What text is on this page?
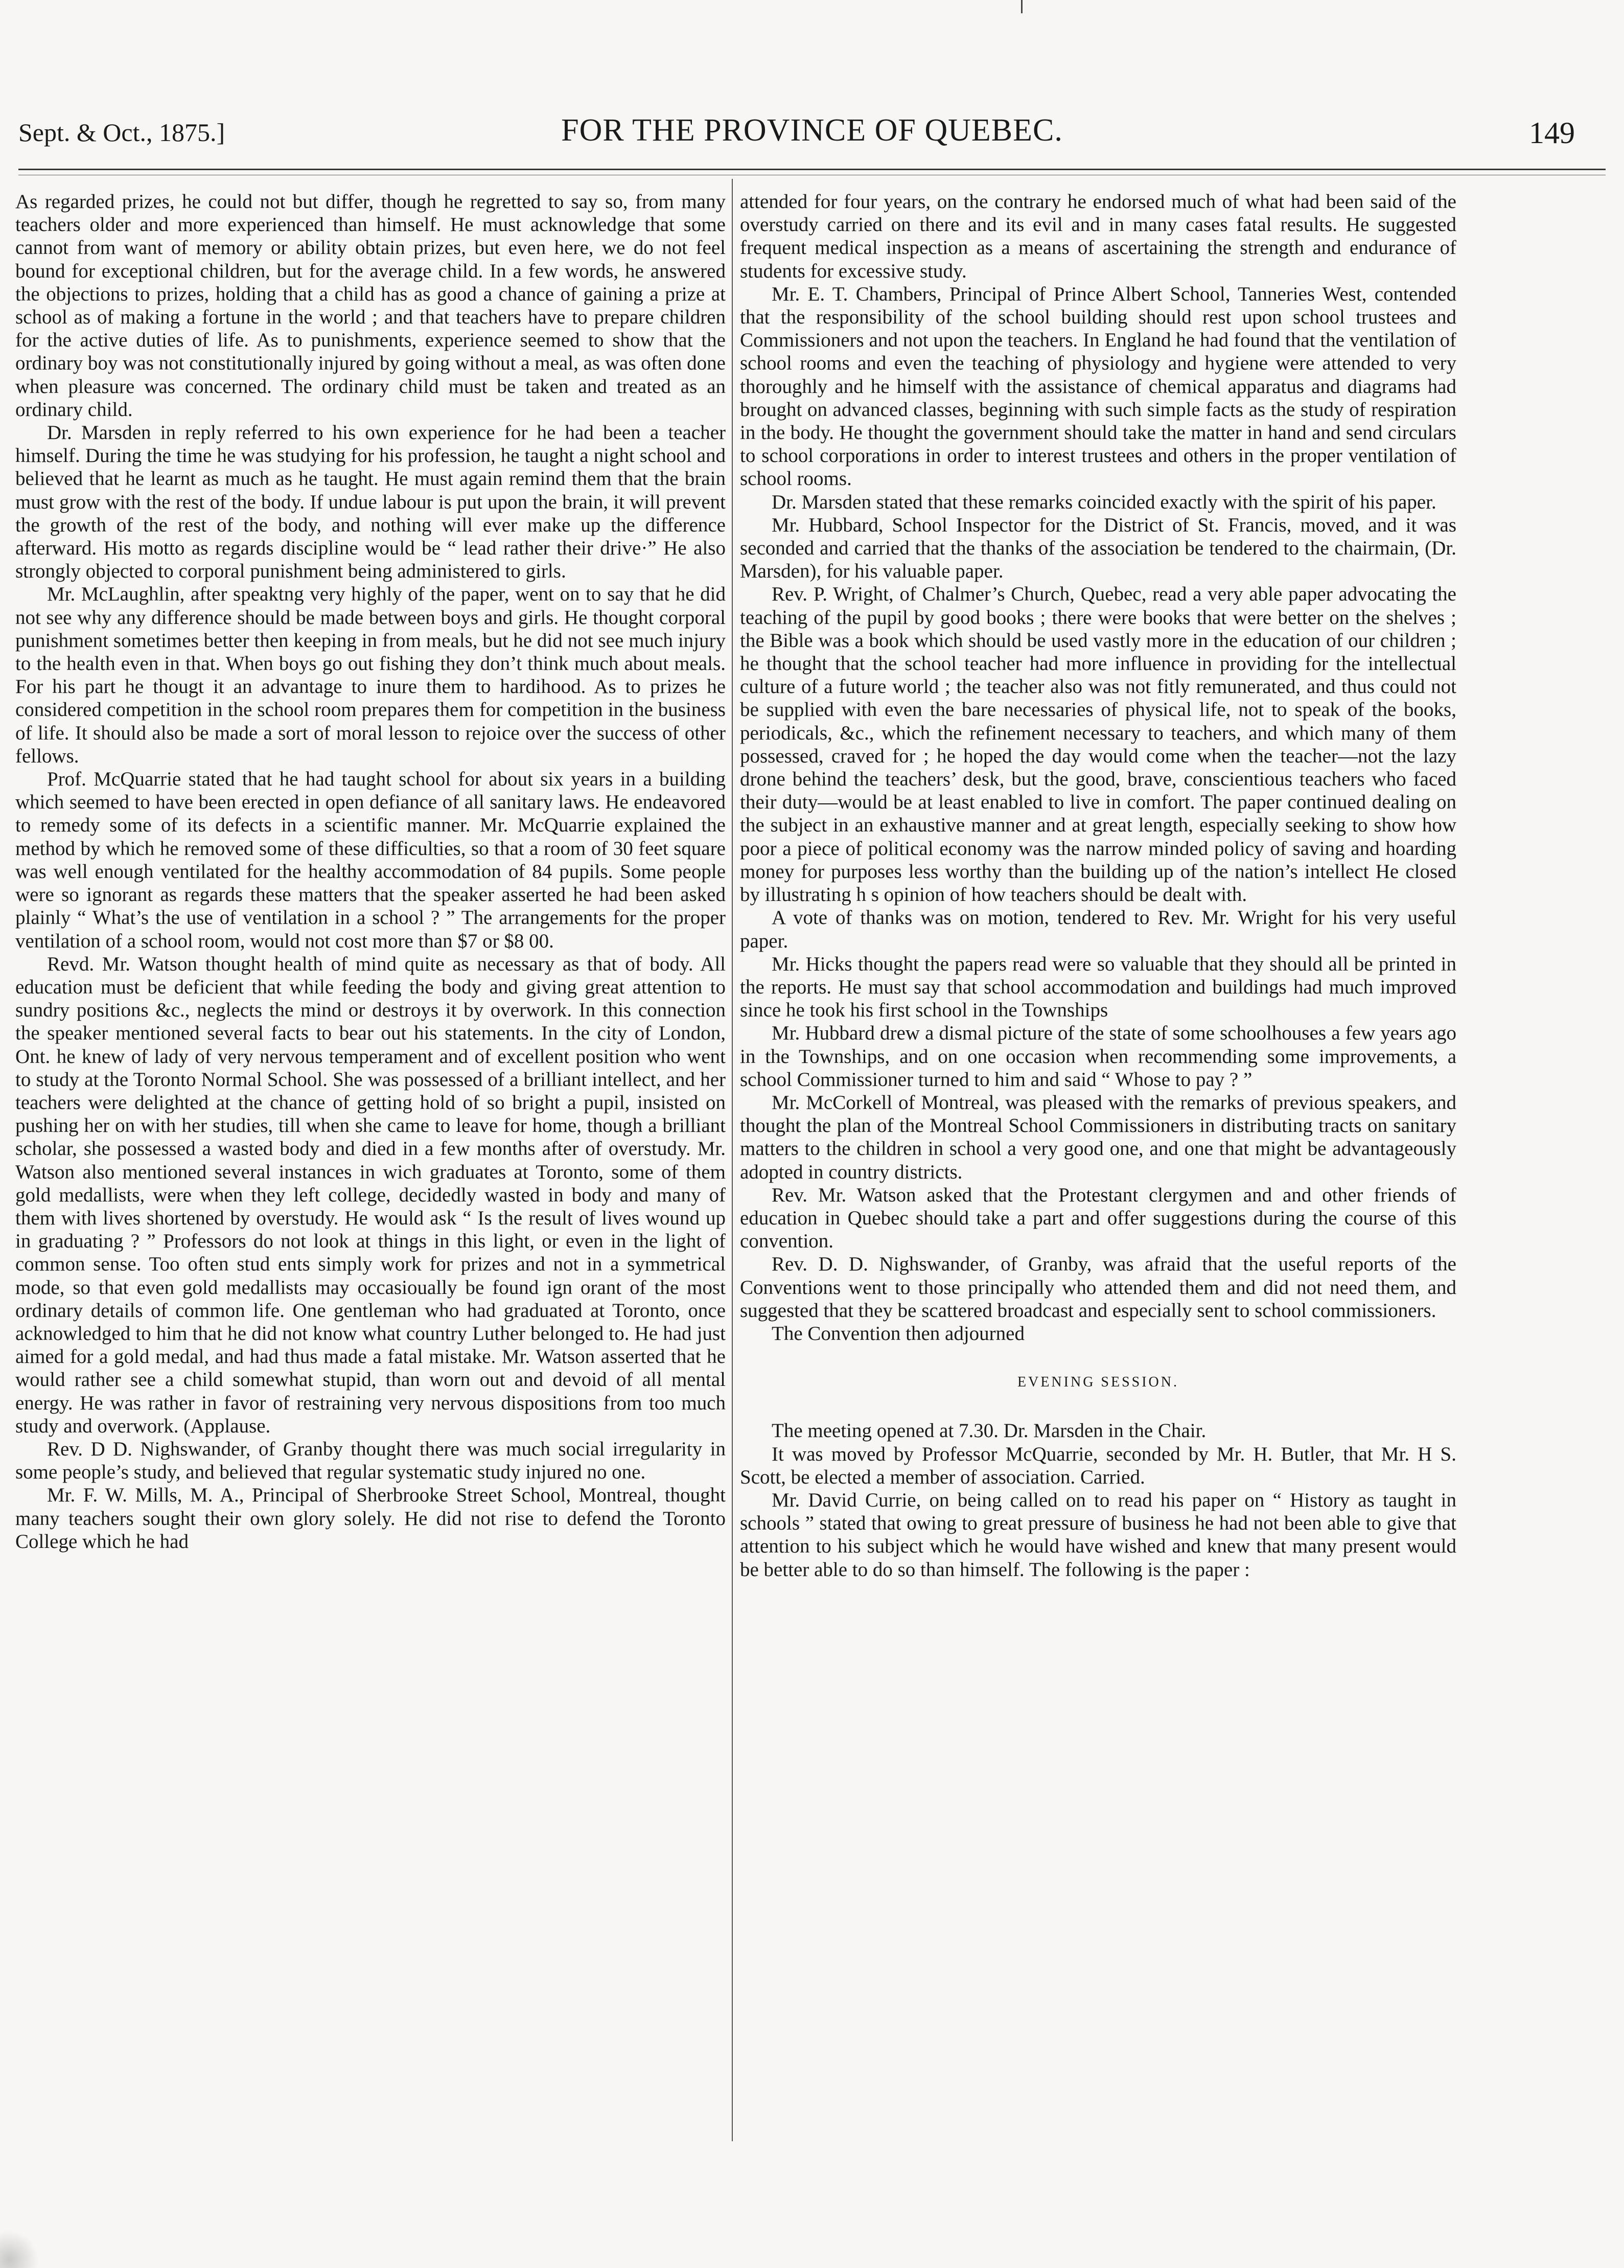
Sept. & Oct., 1875.]	FOR THE PROVINCE OF QUEBEC.	149

As regarded prizes, he could not but differ, though he regretted to say so, from many teachers older and more experienced than himself. He must acknowledge that some cannot from want of memory or ability obtain prizes, but even here, we do not feel bound for exceptional children, but for the average child. In a few words, he answered the objections to prizes, holding that a child has as good a chance of gaining a prize at school as of making a fortune in the world ; and that teachers have to prepare children for the active duties of life. As to punishments, experience seemed to show that the ordinary boy was not constitutionally injured by going without a meal, as was often done when pleasure was concerned. The ordinary child must be taken and treated as an ordinary child.

Dr. Marsden in reply referred to his own experience for he had been a teacher himself. During the time he was studying for his profession, he taught a night school and believed that he learnt as much as he taught. He must again remind them that the brain must grow with the rest of the body. If undue labour is put upon the brain, it will prevent the growth of the rest of the body, and nothing will ever make up the difference afterward. His motto as regards discipline would be “ lead rather their drive·” He also strongly objected to corporal punishment being administered to girls.

Mr. McLaughlin, after speaktng very highly of the paper, went on to say that he did not see why any difference should be made between boys and girls. He thought corporal punishment sometimes better then keeping in from meals, but he did not see much injury to the health even in that. When boys go out fishing they don’t think much about meals. For his part he thougt it an advantage to inure them to hardihood. As to prizes he considered competition in the school room prepares them for competition in the business of life. It should also be made a sort of moral lesson to rejoice over the success of other fellows.

Prof. McQuarrie stated that he had taught school for about six years in a building which seemed to have been erected in open defiance of all sanitary laws. He endeavored to remedy some of its defects in a scientific manner. Mr. McQuarrie explained the method by which he removed some of these difficulties, so that a room of 30 feet square was well enough ventilated for the healthy accommodation of 84 pupils. Some people were so ignorant as regards these matters that the speaker asserted he had been asked plainly “ What’s the use of ventilation in a school ? ” The arrangements for the proper ventilation of a school room, would not cost more than $7 or $8 00.

Revd. Mr. Watson thought health of mind quite as necessary as that of body. All education must be deficient that while feeding the body and giving great attention to sundry positions &c., neglects the mind or destroys it by overwork. In this connection the speaker mentioned several facts to bear out his statements. In the city of London, Ont. he knew of lady of very nervous temperament and of excellent position who went to study at the Toronto Normal School. She was possessed of a brilliant intellect, and her teachers were delighted at the chance of getting hold of so bright a pupil, insisted on pushing her on with her studies, till when she came to leave for home, though a brilliant scholar, she possessed a wasted body and died in a few months after of overstudy. Mr. Watson also mentioned several instances in wich graduates at Toronto, some of them gold medallists, were when they left college, decidedly wasted in body and many of them with lives shortened by overstudy. He would ask “ Is the result of lives wound up in graduating ? ” Professors do not look at things in this light, or even in the light of common sense. Too often stud ents simply work for prizes and not in a symmetrical mode, so that even gold medallists may occasioually be found ign orant of the most ordinary details of common life. One gentleman who had graduated at Toronto, once acknowledged to him that he did not know what country Luther belonged to. He had just aimed for a gold medal, and had thus made a fatal mistake. Mr. Watson asserted that he would rather see a child somewhat stupid, than worn out and devoid of all mental energy. He was rather in favor of restraining very nervous dispositions from too much study and overwork. (Applause.

Rev. D D. Nighswander, of Granby thought there was much social irregularity in some people’s study, and believed that regular systematic study injured no one.

Mr. F. W. Mills, M. A., Principal of Sherbrooke Street School, Montreal, thought many teachers sought their own glory solely. He did not rise to defend the Toronto College which he had

attended for four years, on the contrary he endorsed much of what had been said of the overstudy carried on there and its evil and in many cases fatal results. He suggested frequent medical inspection as a means of ascertaining the strength and endurance of students for excessive study.

Mr. E. T. Chambers, Principal of Prince Albert School, Tanneries West, contended that the responsibility of the school building should rest upon school trustees and Commissioners and not upon the teachers. In England he had found that the ventilation of school rooms and even the teaching of physiology and hygiene were attended to very thoroughly and he himself with the assistance of chemical apparatus and diagrams had brought on advanced classes, beginning with such simple facts as the study of respiration in the body. He thought the government should take the matter in hand and send circulars to school corporations in order to interest trustees and others in the proper ventilation of school rooms.

Dr. Marsden stated that these remarks coincided exactly with the spirit of his paper.

Mr. Hubbard, School Inspector for the District of St. Francis, moved, and it was seconded and carried that the thanks of the association be tendered to the chairmain, (Dr. Marsden), for his valuable paper.

Rev. P. Wright, of Chalmer’s Church, Quebec, read a very able paper advocating the teaching of the pupil by good books ; there were books that were better on the shelves ; the Bible was a book which should be used vastly more in the education of our children ; he thought that the school teacher had more influence in providing for the intellectual culture of a future world ; the teacher also was not fitly remunerated, and thus could not be supplied with even the bare necessaries of physical life, not to speak of the books, periodicals, &c., which the refinement necessary to teachers, and which many of them possessed, craved for ; he hoped the day would come when the teacher—not the lazy drone behind the teachers’ desk, but the good, brave, conscientious teachers who faced their duty—would be at least enabled to live in comfort. The paper continued dealing on the subject in an exhaustive manner and at great length, especially seeking to show how poor a piece of political economy was the narrow minded policy of saving and hoarding money for purposes less worthy than the building up of the nation’s intellect He closed by illustrating h s opinion of how teachers should be dealt with.

A vote of thanks was on motion, tendered to Rev. Mr. Wright for his very useful paper.

Mr. Hicks thought the papers read were so valuable that they should all be printed in the reports. He must say that school accommodation and buildings had much improved since he took his first school in the Townships

Mr. Hubbard drew a dismal picture of the state of some schoolhouses a few years ago in the Townships, and on one occasion when recommending some improvements, a school Commissioner turned to him and said “ Whose to pay ? ”

Mr. McCorkell of Montreal, was pleased with the remarks of previous speakers, and thought the plan of the Montreal School Commissioners in distributing tracts on sanitary matters to the children in school a very good one, and one that might be advantageously adopted in country districts.

Rev. Mr. Watson asked that the Protestant clergymen and and other friends of education in Quebec should take a part and offer suggestions during the course of this convention.

Rev. D. D. Nighswander, of Granby, was afraid that the useful reports of the Conventions went to those principally who attended them and did not need them, and suggested that they be scattered broadcast and especially sent to school commissioners.

The Convention then adjourned

EVENING SESSION.

The meeting opened at 7.30. Dr. Marsden in the Chair.

It was moved by Professor McQuarrie, seconded by Mr. H. Butler, that Mr. H S. Scott, be elected a member of association. Carried.

Mr. David Currie, on being called on to read his paper on “ History as taught in schools ” stated that owing to great pressure of business he had not been able to give that attention to his subject which he would have wished and knew that many present would be better able to do so than himself. The following is the paper :
